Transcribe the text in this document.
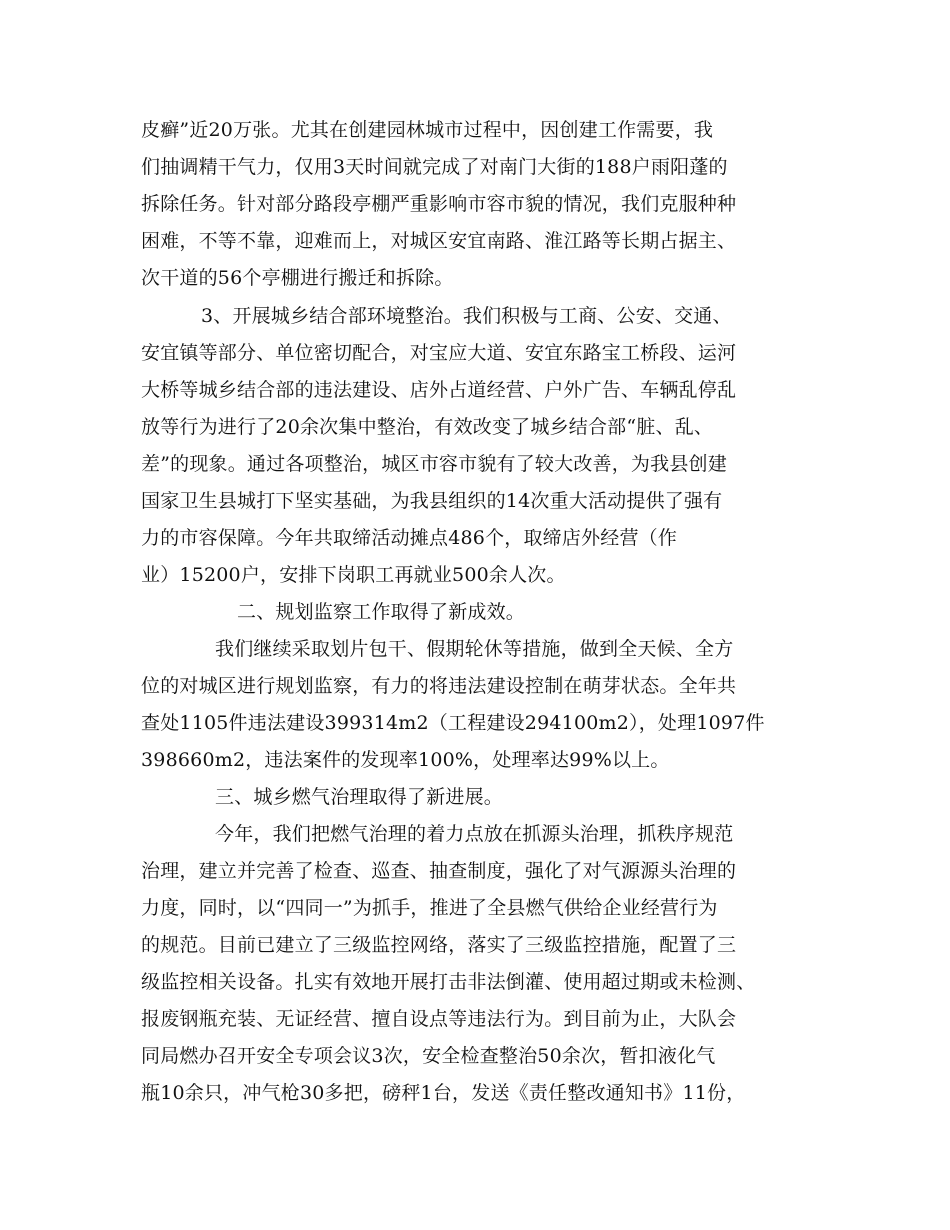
皮癣”近20万张。尤其在创建园林城市过程中，因创建工作需要，我
们抽调精干气力，仅用3天时间就完成了对南门大街的188户雨阳蓬的
拆除任务。针对部分路段亭棚严重影响市容市貌的情况，我们克服种种
困难，不等不靠，迎难而上，对城区安宜南路、淮江路等长期占据主、
次干道的56个亭棚进行搬迁和拆除。
3、开展城乡结合部环境整治。我们积极与工商、公安、交通、
安宜镇等部分、单位密切配合，对宝应大道、安宜东路宝工桥段、运河
大桥等城乡结合部的违法建设、店外占道经营、户外广告、车辆乱停乱
放等行为进行了20余次集中整治，有效改变了城乡结合部“脏、乱、
差”的现象。通过各项整治，城区市容市貌有了较大改善，为我县创建
国家卫生县城打下坚实基础，为我县组织的14次重大活动提供了强有
力的市容保障。今年共取缔活动摊点486个，取缔店外经营（作
业）15200户，安排下岗职工再就业500余人次。
二、规划监察工作取得了新成效。
我们继续采取划片包干、假期轮休等措施，做到全天候、全方
位的对城区进行规划监察，有力的将违法建设控制在萌芽状态。全年共
查处1105件违法建设399314m2（工程建设294100m2），处理1097件
398660m2，违法案件的发现率100%，处理率达99%以上。
三、城乡燃气治理取得了新进展。
今年，我们把燃气治理的着力点放在抓源头治理，抓秩序规范
治理，建立并完善了检查、巡查、抽查制度，强化了对气源源头治理的
力度，同时，以“四同一”为抓手，推进了全县燃气供给企业经营行为
的规范。目前已建立了三级监控网络，落实了三级监控措施，配置了三
级监控相关设备。扎实有效地开展打击非法倒灌、使用超过期或未检测、
报废钢瓶充装、无证经营、擅自设点等违法行为。到目前为止，大队会
同局燃办召开安全专项会议3次，安全检查整治50余次，暂扣液化气
瓶10余只，冲气枪30多把，磅秤1台，发送《责任整改通知书》11份，
